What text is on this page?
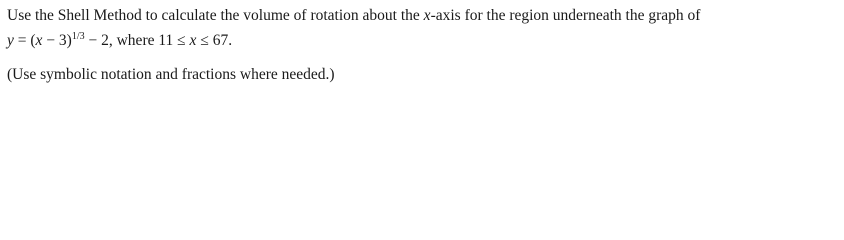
Use the Shell Method to calculate the volume of rotation about the x-axis for the region underneath the graph of
$y = (x - 3)^{1/3} - 2$, where 11 ≤ x ≤ 67.
(Use symbolic notation and fractions where needed.)
